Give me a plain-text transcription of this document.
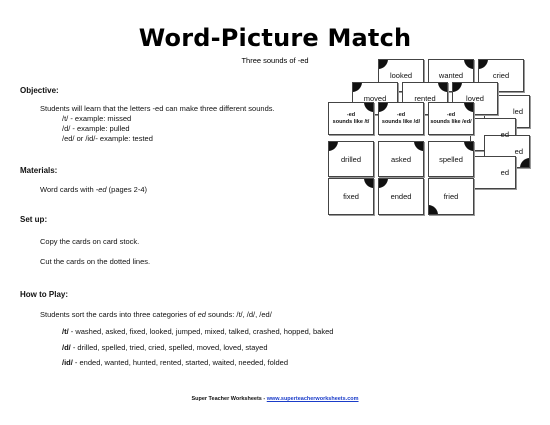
Word-Picture Match
Three sounds of -ed
Objective:
Students will learn that the letters -ed can make three different sounds.
/t/ - example: missed
/d/ - example: pulled
/ed/ or /id/- example: tested
Materials:
Word cards with -ed (pages 2-4)
Set up:
Copy the cards on card stock.
Cut the cards on the dotted lines.
How to Play:
Students sort the cards into three categories of ed sounds: /t/, /d/, /ed/
/t/ - washed, asked, fixed, looked, jumped, mixed, talked, crashed, hopped, baked
/d/ - drilled, spelled, tried, cried, spelled, moved, loved, stayed
/id/ - ended, wanted, hunted, rented, started, waited, needed, folded
looked	wanted	cried
led
ed
ed
ed
moved	rented	loved
-ed
sounds like /t/
-ed
sounds like /d/
-ed
sounds like /ed/
drilled	asked	spelled
fixed	ended	fried
Super Teacher Worksheets - www.superteacherworksheets.com
